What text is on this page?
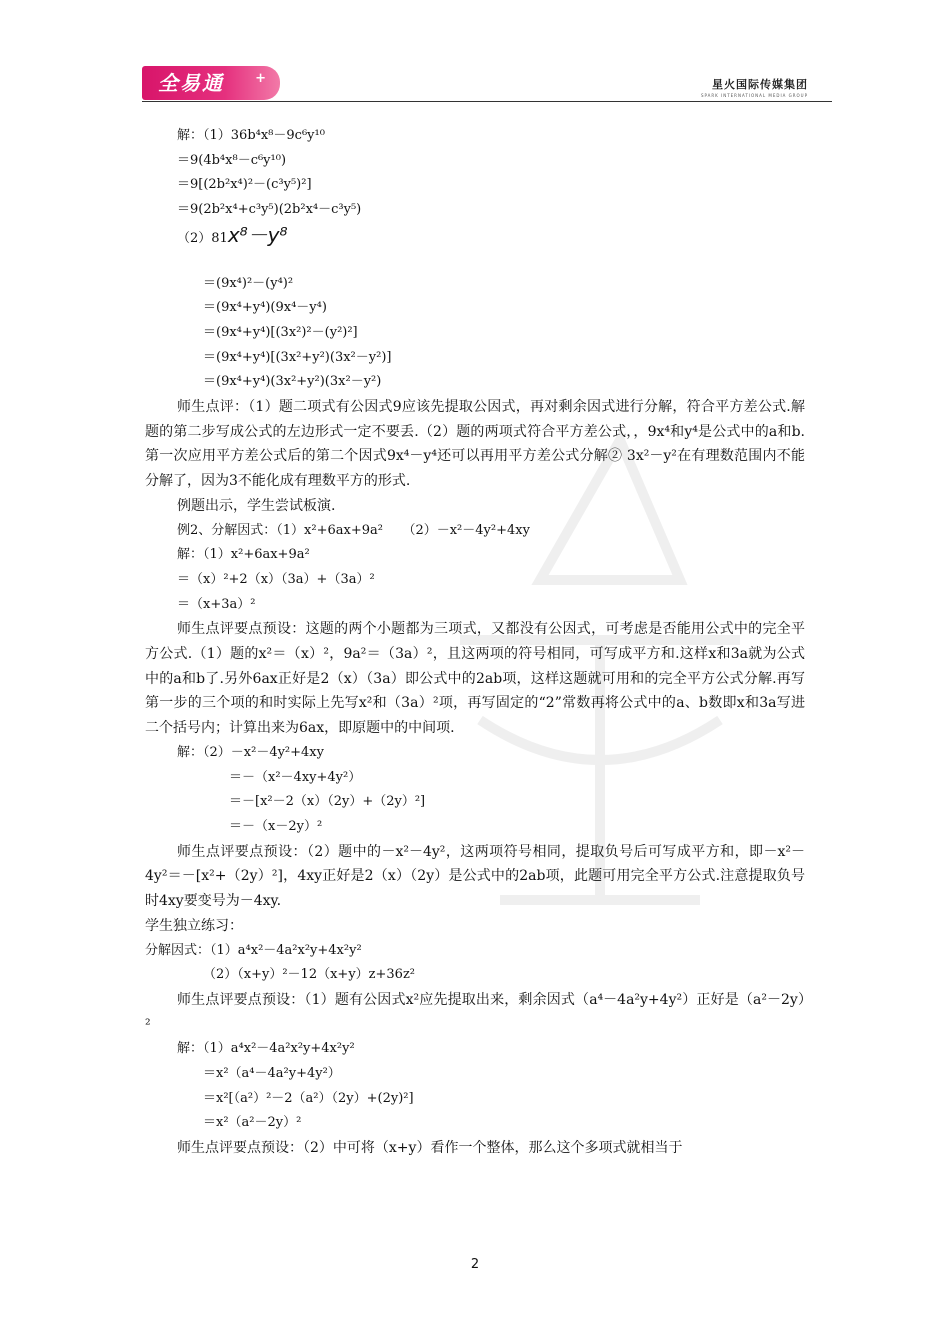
全易通	+	星火国际传媒集团
SPARK INTERNATIONAL MEDIA GROUP
解：（1）36b⁴x⁸－9c⁶y¹⁰
＝9(4b⁴x⁸－c⁶y¹⁰)
＝9[(2b²x⁴)²－(c³y⁵)²]
＝9(2b²x⁴+c³y⁵)(2b²x⁴－c³y⁵)
（2）81x⁸－y⁸
＝(9x⁴)²－(y⁴)²
＝(9x⁴+y⁴)(9x⁴－y⁴)
＝(9x⁴+y⁴)[(3x²)²－(y²)²]
＝(9x⁴+y⁴)[(3x²+y²)(3x²－y²)]
＝(9x⁴+y⁴)(3x²+y²)(3x²－y²)
师生点评：（1）题二项式有公因式9应该先提取公因式，再对剩余因式进行分解，符合平方差公式.解题的第二步写成公式的左边形式一定不要丢.（2）题的两项式符合平方差公式，，9x⁴和y⁴是公式中的a和b.第一次应用平方差公式后的第二个因式9x⁴－y⁴还可以再用平方差公式分解② 3x²－y²在有理数范围内不能分解了，因为3不能化成有理数平方的形式.
例题出示，学生尝试板演.
例2、分解因式：（1）x²+6ax+9a²　　（2）－x²－4y²+4xy
解：（1）x²+6ax+9a²
＝（x）²+2（x）（3a）+（3a）²
＝（x+3a）²
师生点评要点预设：这题的两个小题都为三项式，又都没有公因式，可考虑是否能用公式中的完全平方公式.（1）题的x²＝（x）²，9a²＝（3a）²，且这两项的符号相同，可写成平方和.这样x和3a就为公式中的a和b了.另外6ax正好是2（x）（3a）即公式中的2ab项，这样这题就可用和的完全平方公式分解.再写第一步的三个项的和时实际上先写x²和（3a）²项，再写固定的“2”常数再将公式中的a、b数即x和3a写进二个括号内；计算出来为6ax，即原题中的中间项.
解：（2）－x²－4y²+4xy
＝－（x²－4xy+4y²）
＝－[x²－2（x）（2y）+（2y）²]
＝－（x－2y）²
师生点评要点预设：（2）题中的－x²－4y²，这两项符号相同，提取负号后可写成平方和，即－x²－4y²＝－[x²+（2y）²]，4xy正好是2（x）（2y）是公式中的2ab项，此题可用完全平方公式.注意提取负号时4xy要变号为－4xy.
学生独立练习：
分解因式：（1）a⁴x²－4a²x²y+4x²y²
（2）（x+y）²－12（x+y）z+36z²
师生点评要点预设：（1）题有公因式x²应先提取出来，剩余因式（a⁴－4a²y+4y²）正好是（a²－2y）²
解：（1）a⁴x²－4a²x²y+4x²y²
＝x²（a⁴－4a²y+4y²）
＝x²[（a²）²－2（a²）（2y）+(2y)²]
＝x²（a²－2y）²
师生点评要点预设：（2）中可将（x+y）看作一个整体，那么这个多项式就相当于
2
